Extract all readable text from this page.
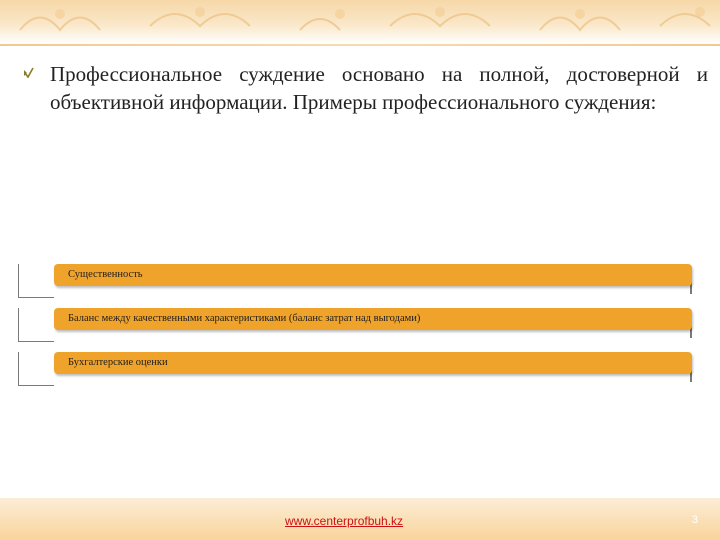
Профессиональное суждение основано на полной, достоверной и объективной информации. Примеры профессионального суждения:

Существенность
Баланс между качественными характеристиками (баланс затрат над выгодами)
Бухгалтерские оценки
www.centerprofbuh.kz	3
